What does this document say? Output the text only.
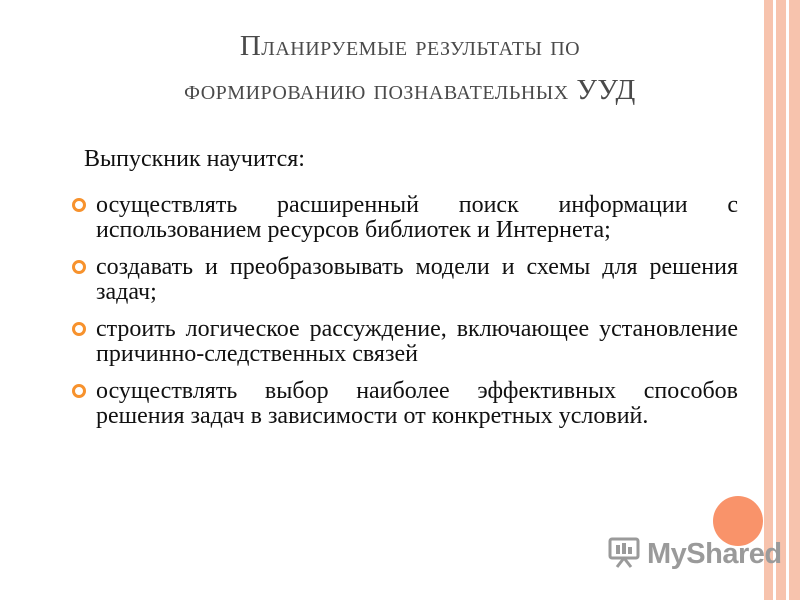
Планируемые результаты по
формированию познавательных УУД
Выпускник научится:
осуществлять расширенный поиск информации с использованием ресурсов библиотек и Интернета;
создавать и преобразовывать модели и схемы для решения задач;
строить логическое рассуждение, включающее установление причинно-следственных связей
осуществлять выбор наиболее эффективных способов решения задач в зависимости от конкретных условий.
MyShared
